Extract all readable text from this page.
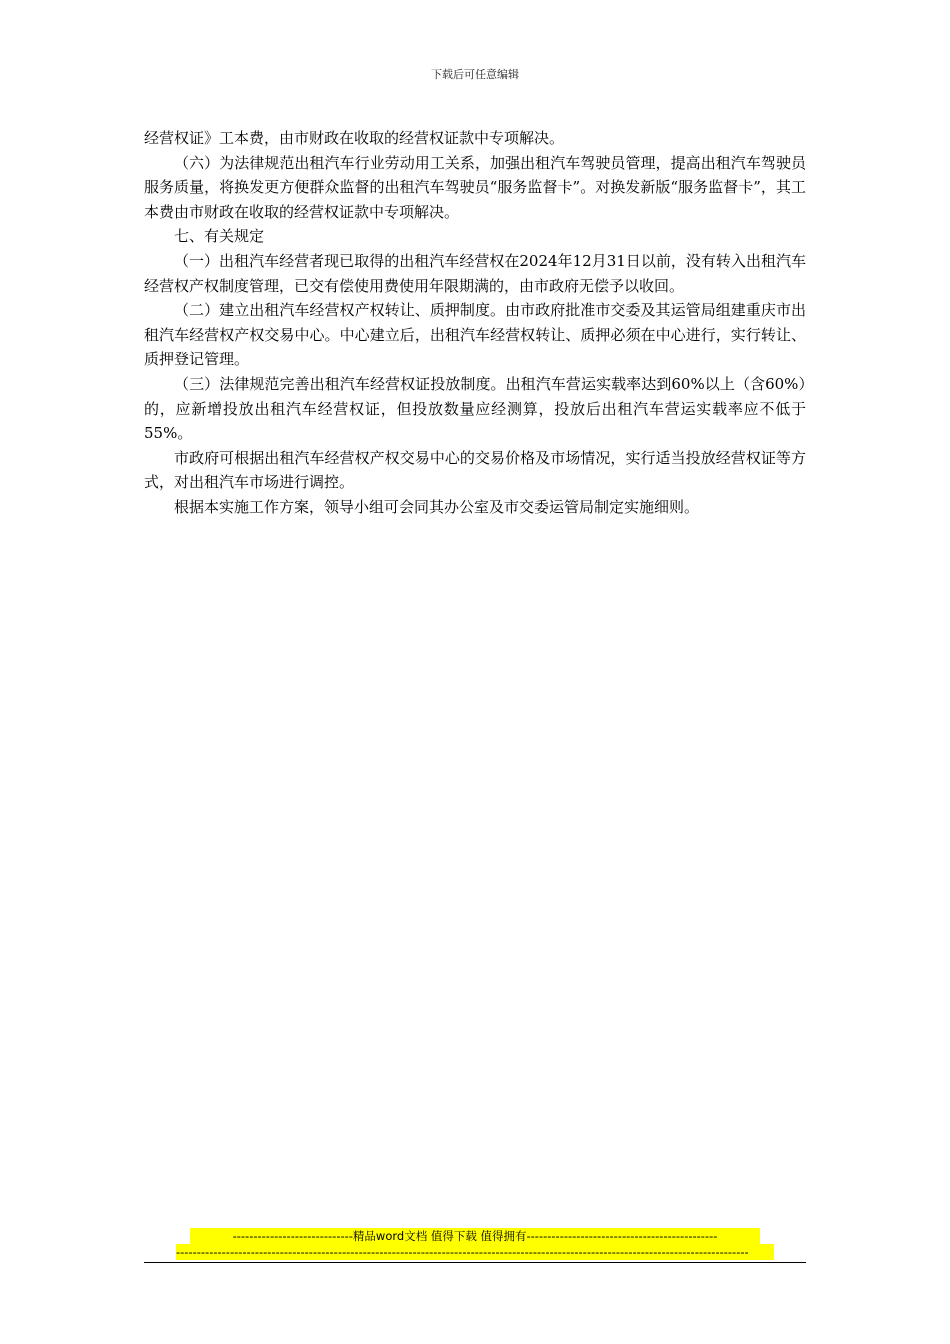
下载后可任意编辑

经营权证》工本费，由市财政在收取的经营权证款中专项解决。

（六）为法律规范出租汽车行业劳动用工关系，加强出租汽车驾驶员管理，提高出租汽车驾驶员服务质量，将换发更方便群众监督的出租汽车驾驶员“服务监督卡”。对换发新版“服务监督卡”，其工本费由市财政在收取的经营权证款中专项解决。

七、有关规定

（一）出租汽车经营者现已取得的出租汽车经营权在2024年12月31日以前，没有转入出租汽车经营权产权制度管理，已交有偿使用费使用年限期满的，由市政府无偿予以收回。

（二）建立出租汽车经营权产权转让、质押制度。由市政府批准市交委及其运管局组建重庆市出租汽车经营权产权交易中心。中心建立后，出租汽车经营权转让、质押必须在中心进行，实行转让、质押登记管理。

（三）法律规范完善出租汽车经营权证投放制度。出租汽车营运实载率达到60%以上（含60%）的，应新增投放出租汽车经营权证，但投放数量应经测算，投放后出租汽车营运实载率应不低于55%。

市政府可根据出租汽车经营权产权交易中心的交易价格及市场情况，实行适当投放经营权证等方式，对出租汽车市场进行调控。

根据本实施工作方案，领导小组可会同其办公室及市交委运管局制定实施细则。

-----------------------------精品word文档 值得下载 值得拥有----------------------------------------------
------------------------------------------------------------------------------------------------------------------------------------------
